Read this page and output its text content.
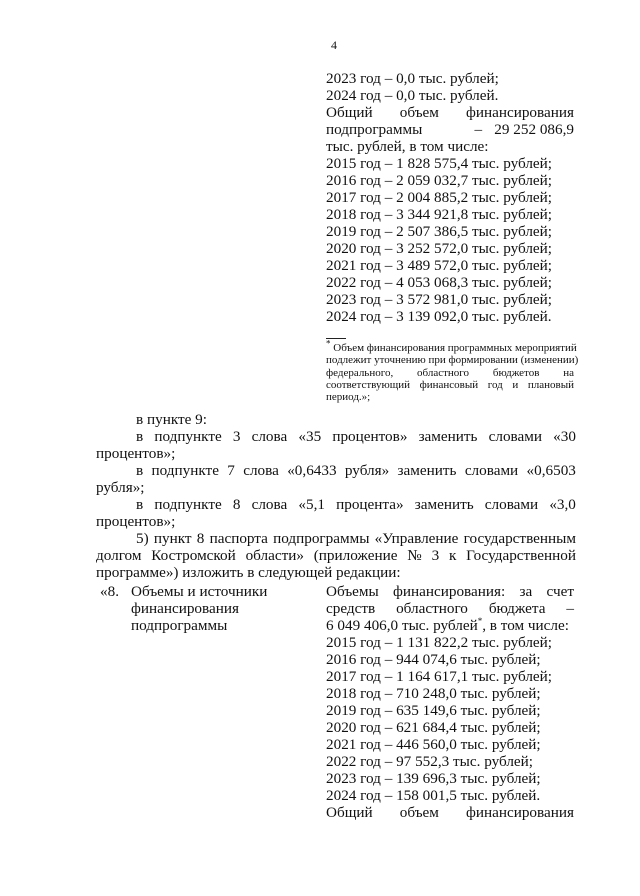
4
2023 год – 0,0 тыс. рублей;
2024 год – 0,0 тыс. рублей.
Общий объем финансирования
подпрограммы	– 29 252 086,9
тыс. рублей, в том числе:
2015 год – 1 828 575,4 тыс. рублей;
2016 год – 2 059 032,7 тыс. рублей;
2017 год – 2 004 885,2 тыс. рублей;
2018 год – 3 344 921,8 тыс. рублей;
2019 год – 2 507 386,5 тыс. рублей;
2020 год – 3 252 572,0 тыс. рублей;
2021 год – 3 489 572,0 тыс. рублей;
2022 год – 4 053 068,3 тыс. рублей;
2023 год – 3 572 981,0 тыс. рублей;
2024 год – 3 139 092,0 тыс. рублей.
* Объем финансирования программных мероприятий
подлежит уточнению при формировании (изменении)
федерального, областного бюджетов на
соответствующий финансовый год и плановый
период.»;
в пункте 9:
в подпункте 3 слова «35 процентов» заменить словами «30
процентов»;
в подпункте 7 слова «0,6433 рубля» заменить словами «0,6503
рубля»;
в подпункте 8 слова «5,1 процента» заменить словами «3,0
процентов»;
5) пункт 8 паспорта подпрограммы «Управление государственным
долгом Костромской области» (приложение № 3 к Государственной
программе») изложить в следующей редакции:
«8. Объемы и источники
финансирования
подпрограммы
Объемы финансирования: за счет
средств областного бюджета –
6 049 406,0 тыс. рублей*, в том числе:
2015 год – 1 131 822,2 тыс. рублей;
2016 год – 944 074,6 тыс. рублей;
2017 год – 1 164 617,1 тыс. рублей;
2018 год – 710 248,0 тыс. рублей;
2019 год – 635 149,6 тыс. рублей;
2020 год – 621 684,4 тыс. рублей;
2021 год – 446 560,0 тыс. рублей;
2022 год – 97 552,3 тыс. рублей;
2023 год – 139 696,3 тыс. рублей;
2024 год – 158 001,5 тыс. рублей.
Общий объем финансирования
